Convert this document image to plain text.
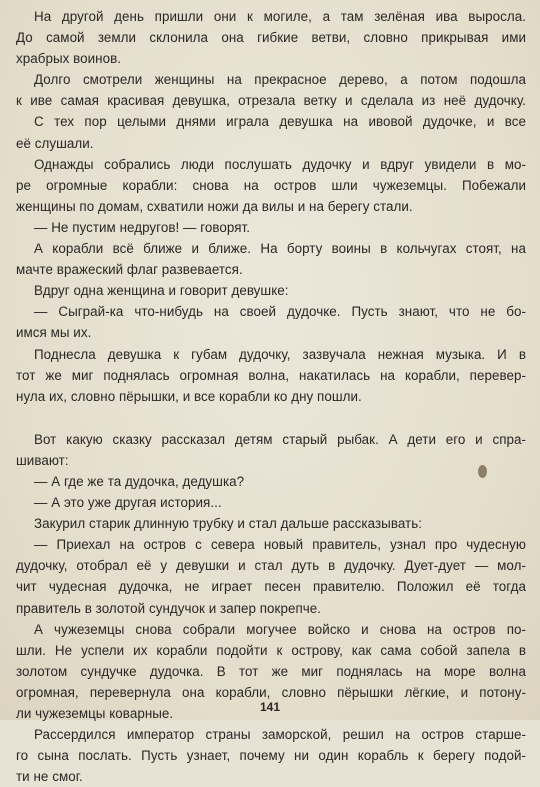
На другой день пришли они к могиле, а там зелёная ива выросла.
До самой земли склонила она гибкие ветви, словно прикрывая ими
храбрых воинов.
Долго смотрели женщины на прекрасное дерево, а потом подошла
к иве самая красивая девушка, отрезала ветку и сделала из неё дудочку.
С тех пор целыми днями играла девушка на ивовой дудочке, и все
её слушали.
Однажды собрались люди послушать дудочку и вдруг увидели в мо-
ре огромные корабли: снова на остров шли чужеземцы. Побежали
женщины по домам, схватили ножи да вилы и на берегу стали.
— Не пустим недругов! — говорят.
А корабли всё ближе и ближе. На борту воины в кольчугах стоят, на
мачте вражеский флаг развевается.
Вдруг одна женщина и говорит девушке:
— Сыграй-ка что-нибудь на своей дудочке. Пусть знают, что не бо-
имся мы их.
Поднесла девушка к губам дудочку, зазвучала нежная музыка. И в
тот же миг поднялась огромная волна, накатилась на корабли, перевер-
нула их, словно пёрышки, и все корабли ко дну пошли.
Вот какую сказку рассказал детям старый рыбак. А дети его и спра-
шивают:
— А где же та дудочка, дедушка?
— А это уже другая история...
Закурил старик длинную трубку и стал дальше рассказывать:
— Приехал на остров с севера новый правитель, узнал про чудесную
дудочку, отобрал её у девушки и стал дуть в дудочку. Дует-дует — мол-
чит чудесная дудочка, не играет песен правителю. Положил её тогда
правитель в золотой сундучок и запер покрепче.
А чужеземцы снова собрали могучее войско и снова на остров по-
шли. Не успели их корабли подойти к острову, как сама собой запела в
золотом сундучке дудочка. В тот же миг поднялась на море волна
огромная, перевернула она корабли, словно пёрышки лёгкие, и потону-
ли чужеземцы коварные.
Рассердился император страны заморской, решил на остров старше-
го сына послать. Пусть узнает, почему ни один корабль к берегу подой-
ти не смог.
141
